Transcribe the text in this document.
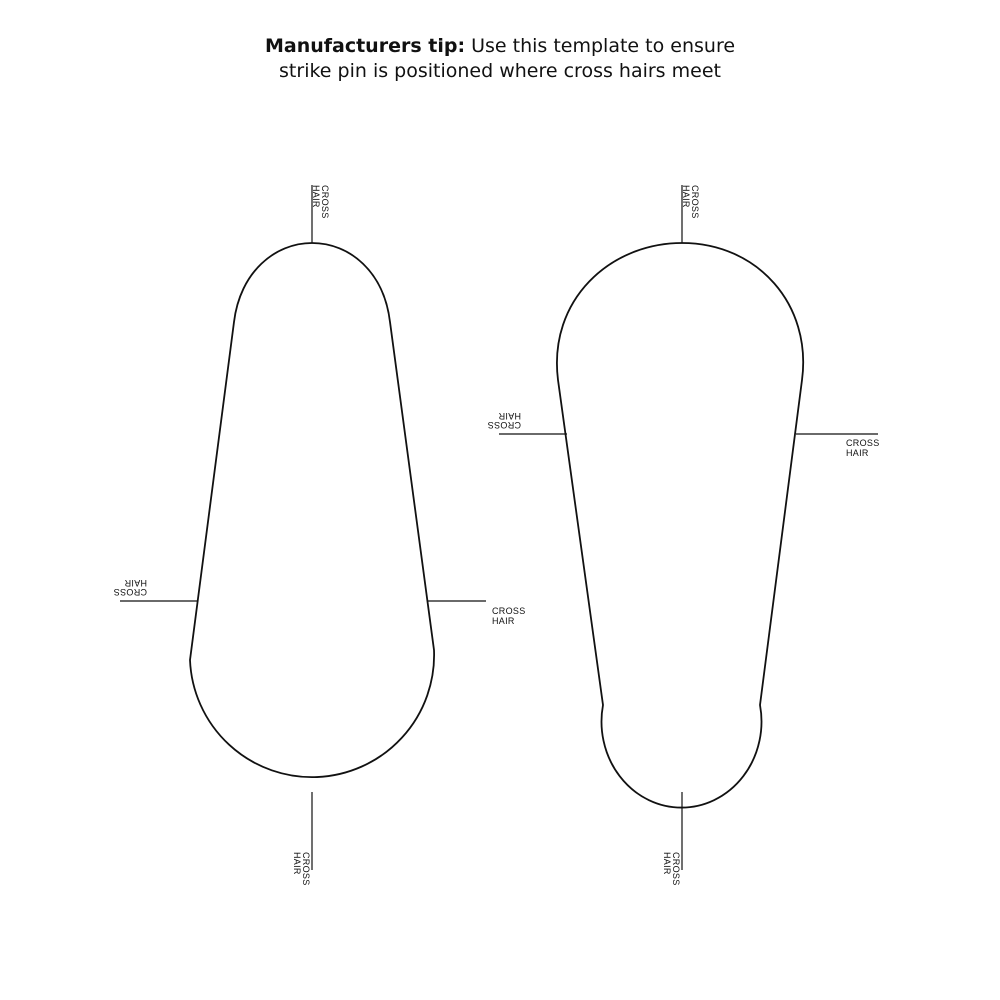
Manufacturers tip: Use this template to ensure
strike pin is positioned where cross hairs meet
CROSS HAIR
CROSS HAIR
CROSS HAIR
CROSS HAIR
CROSS HAIR
CROSS HAIR
CROSS HAIR
CROSS HAIR
